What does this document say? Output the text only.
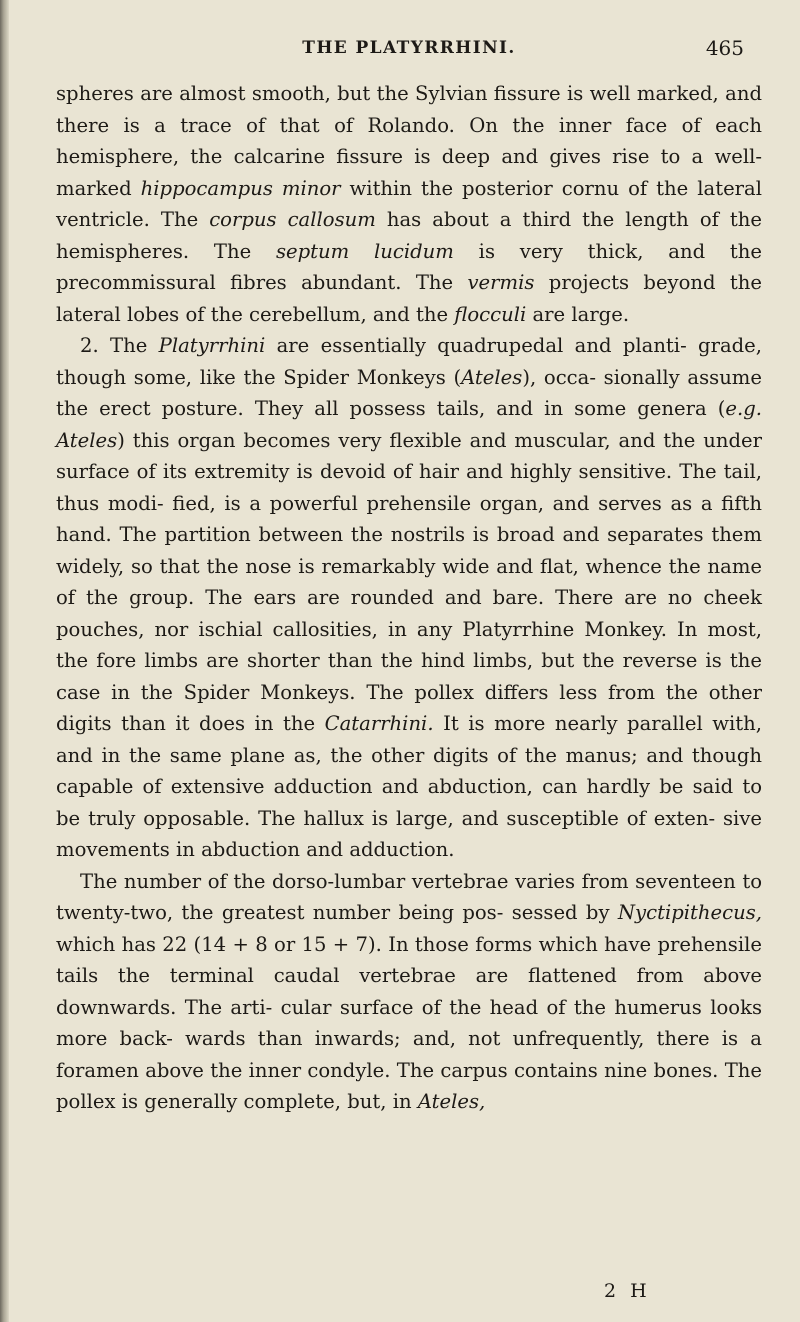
THE PLATYRRHINI.	465

spheres are almost smooth, but the Sylvian fissure is well marked, and there is a trace of that of Rolando. On the inner face of each hemisphere, the calcarine fissure is deep and gives rise to a well-marked hippocampus minor within the posterior cornu of the lateral ventricle. The corpus callosum has about a third the length of the hemispheres. The septum lucidum is very thick, and the precommissural fibres abundant. The vermis projects beyond the lateral lobes of the cerebellum, and the flocculi are large.

2. The Platyrrhini are essentially quadrupedal and planti- grade, though some, like the Spider Monkeys (Ateles), occa- sionally assume the erect posture. They all possess tails, and in some genera (e.g. Ateles) this organ becomes very flexible and muscular, and the under surface of its extremity is devoid of hair and highly sensitive. The tail, thus modi- fied, is a powerful prehensile organ, and serves as a fifth hand. The partition between the nostrils is broad and separates them widely, so that the nose is remarkably wide and flat, whence the name of the group. The ears are rounded and bare. There are no cheek pouches, nor ischial callosities, in any Platyrrhine Monkey. In most, the fore limbs are shorter than the hind limbs, but the reverse is the case in the Spider Monkeys. The pollex differs less from the other digits than it does in the Catarrhini. It is more nearly parallel with, and in the same plane as, the other digits of the manus; and though capable of extensive adduction and abduction, can hardly be said to be truly opposable. The hallux is large, and susceptible of exten- sive movements in abduction and adduction.

The number of the dorso-lumbar vertebrae varies from seventeen to twenty-two, the greatest number being pos- sessed by Nyctipithecus, which has 22 (14 + 8 or 15 + 7). In those forms which have prehensile tails the terminal caudal vertebrae are flattened from above downwards. The arti- cular surface of the head of the humerus looks more back- wards than inwards; and, not unfrequently, there is a foramen above the inner condyle. The carpus contains nine bones. The pollex is generally complete, but, in Ateles,

2 H
